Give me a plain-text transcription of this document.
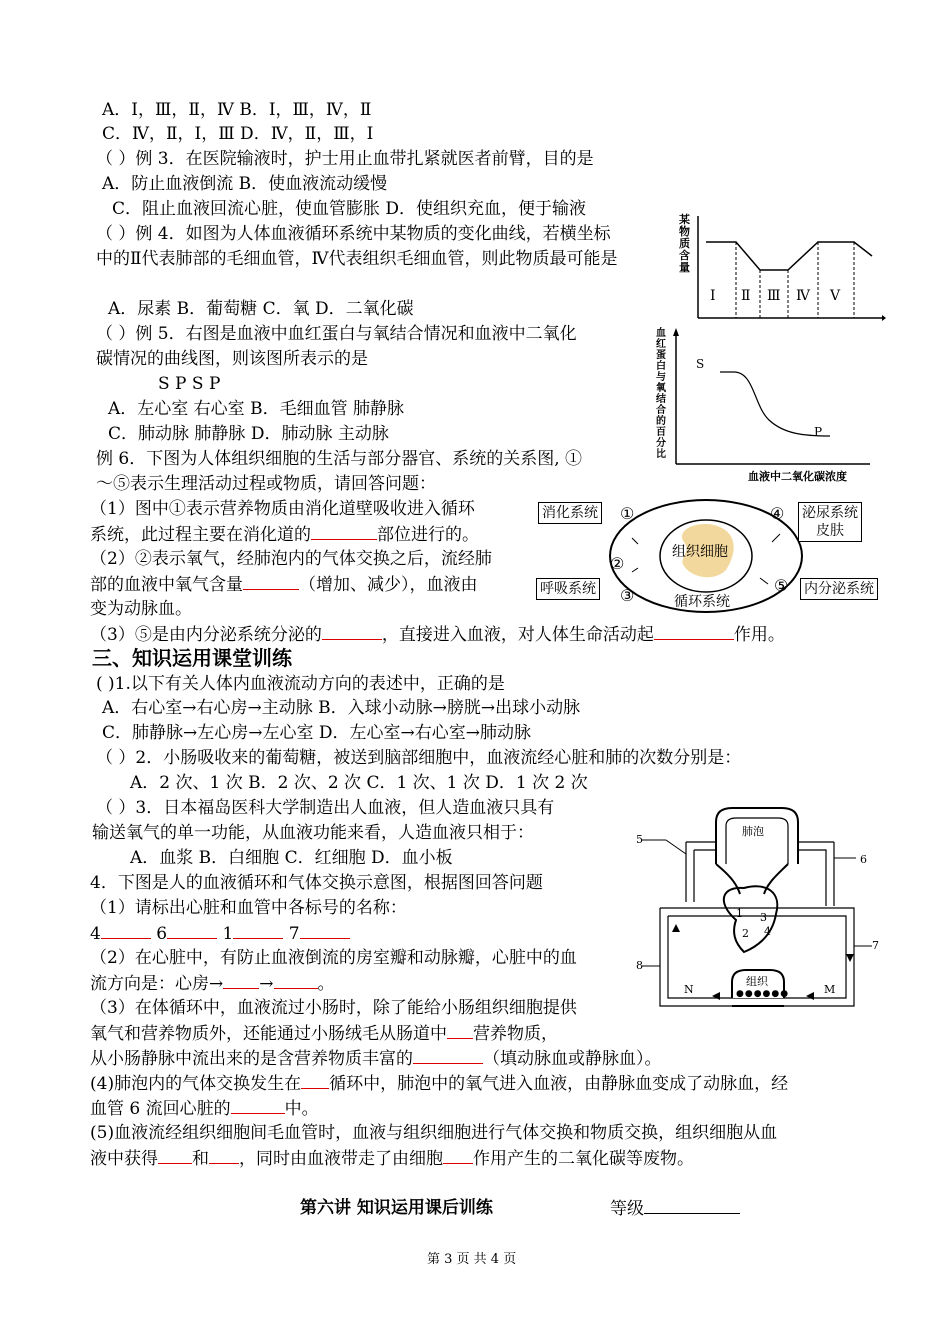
A．Ⅰ，Ⅲ，Ⅱ，Ⅳ B．Ⅰ，Ⅲ，Ⅳ，Ⅱ
C．Ⅳ，Ⅱ，Ⅰ，Ⅲ D．Ⅳ，Ⅱ，Ⅲ，Ⅰ
（ ）例 3．在医院输液时，护士用止血带扎紧就医者前臂，目的是
A．防止血液倒流 B．使血液流动缓慢
C．阻止血液回流心脏，使血管膨胀 D．使组织充血，便于输液
（ ）例 4．如图为人体血液循环系统中某物质的变化曲线，若横坐标
中的Ⅱ代表肺部的毛细血管，Ⅳ代表组织毛细血管，则此物质最可能是
A．尿素 B．葡萄糖 C．氧 D．二氧化碳
（ ）例 5．右图是血液中血红蛋白与氧结合情况和血液中二氧化
碳情况的曲线图，则该图所表示的是
S P S P
A．左心室 右心室 B．毛细血管 肺静脉
C．肺动脉 肺静脉 D．肺动脉 主动脉
例 6．下图为人体组织细胞的生活与部分器官、系统的关系图, ①
～⑤表示生理活动过程或物质，请回答问题：
（1）图中①表示营养物质由消化道壁吸收进入循环
系统，此过程主要在消化道的	部位进行的。
（2）②表示氧气，经肺泡内的气体交换之后，流经肺
部的血液中氧气含量	（增加、减少），血液由
变为动脉血。
（3）⑤是由内分泌系统分泌的	，直接进入血液，对人体生命活动起	作用。
三、知识运用课堂训练
( )1.以下有关人体内血液流动方向的表述中，正确的是
A．右心室→右心房→主动脉 B．入球小动脉→膀胱→出球小动脉
C．肺静脉→左心房→左心室 D．左心室→右心室→肺动脉
（ ）2．小肠吸收来的葡萄糖，被送到脑部细胞中，血液流经心脏和肺的次数分别是：
A．2 次、1 次 B．2 次、2 次 C．1 次、1 次 D．1 次 2 次
（ ）3．日本福岛医科大学制造出人血液，但人造血液只具有
输送氧气的单一功能，从血液功能来看，人造血液只相于：
A．血浆 B．白细胞 C．红细胞 D．血小板
4．下图是人的血液循环和气体交换示意图，根据图回答问题
（1）请标出心脏和血管中各标号的名称：
4	6	1	7
（2）在心脏中，有防止血液倒流的房室瓣和动脉瓣，心脏中的血
流方向是：心房→ →	。
（3）在体循环中，血液流过小肠时，除了能给小肠组织细胞提供
氧气和营养物质外，还能通过小肠绒毛从肠道中 营养物质，
从小肠静脉中流出来的是含营养物质丰富的	（填动脉血或静脉血）。
(4)肺泡内的气体交换发生在 循环中，肺泡中的氧气进入血液，由静脉血变成了动脉血，经
血管 6 流回心脏的	中。
(5)血液流经组织细胞间毛血管时，血液与组织细胞进行气体交换和物质交换，组织细胞从血
液中获得 和 ，同时由血液带走了由细胞 作用产生的二氧化碳等废物。
第六讲 知识运用课后训练	等级
第 3 页 共 4 页
某物质含量
Ⅰ Ⅱ Ⅲ Ⅳ Ⅴ
血红蛋白与氧结合的百分比
S
P
血液中二氧化碳浓度
消化系统	泌尿系统
皮肤
呼吸系统	内分泌系统
组织细胞
循环系统
①
②
③
④
⑤
肺泡
组织
●●●●●●
1
2
3
4
5
6
7
8
N	M
